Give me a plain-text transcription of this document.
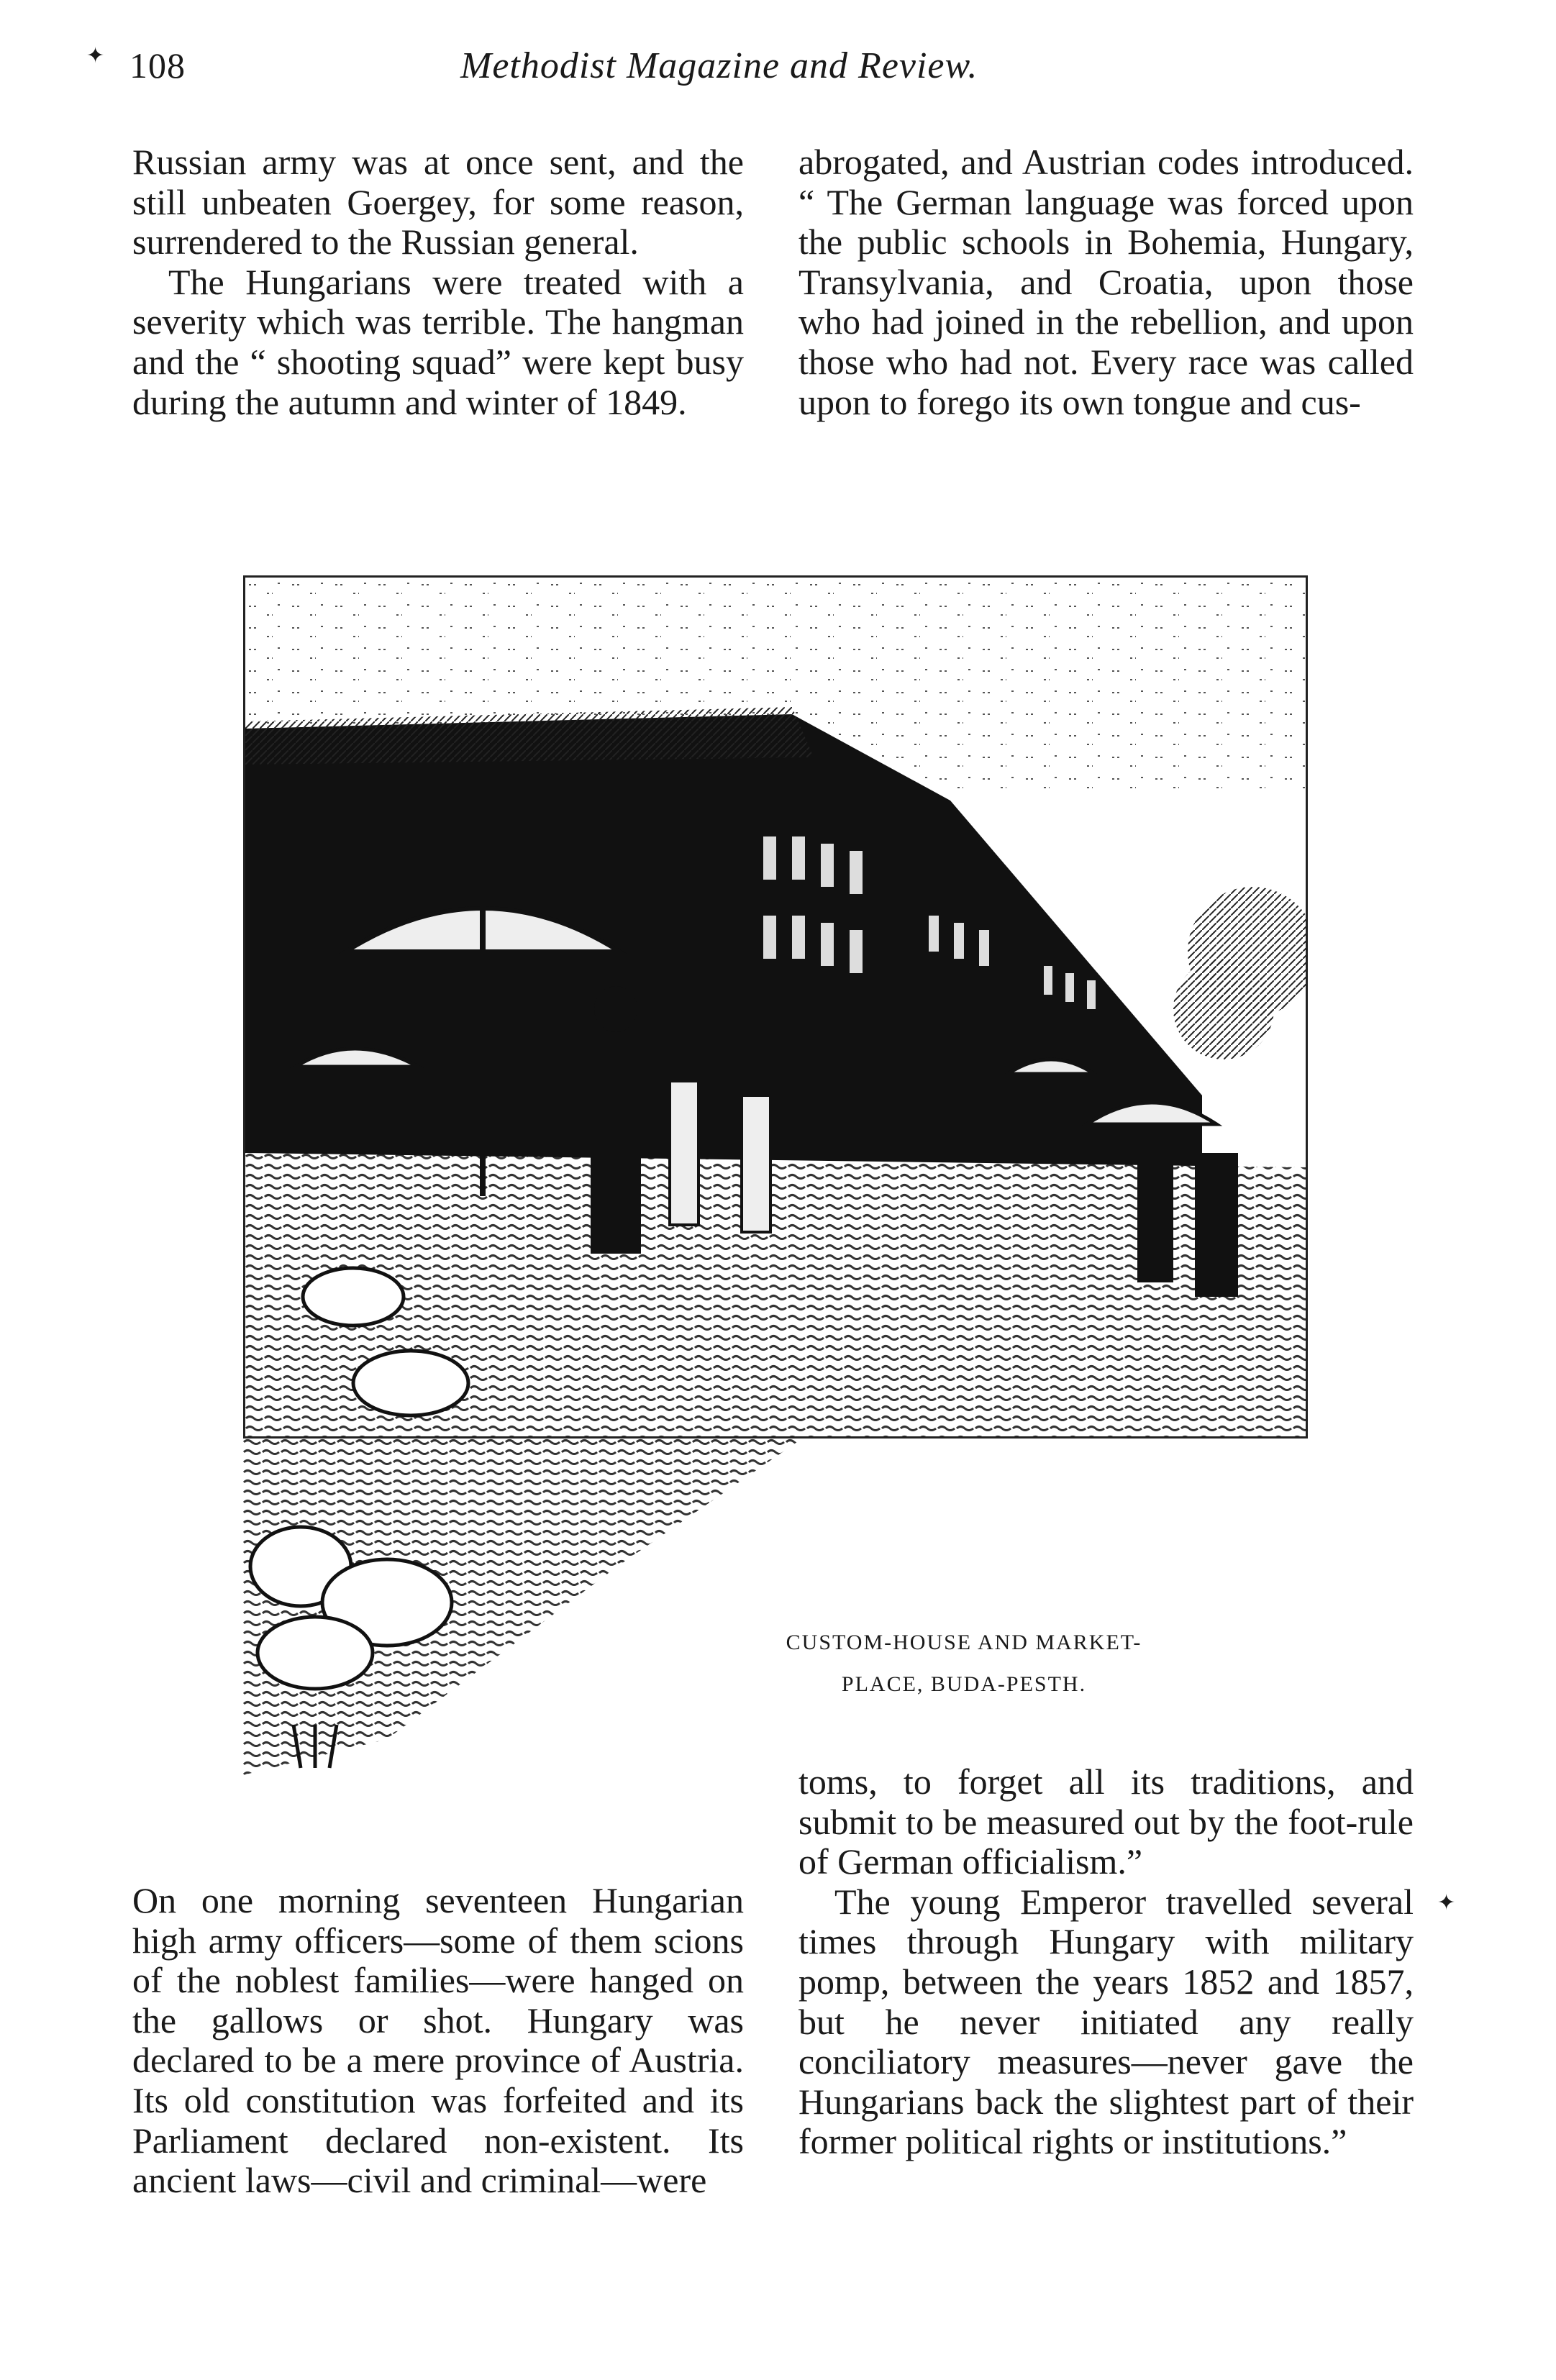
✦ 108	Methodist Magazine and Review.

Russian army was at once sent, and the still unbeaten Goergey, for some reason, surrendered to the Russian general.

The Hungarians were treated with a severity which was terrible. The hangman and the “ shooting squad” were kept busy during the autumn and winter of 1849.

abrogated, and Austrian codes introduced. “ The German language was forced upon the public schools in Bohemia, Hungary, Transylvania, and Croatia, upon those who had joined in the rebellion, and upon those who had not. Every race was called upon to forego its own tongue and cus-

CUSTOM-HOUSE AND MARKET-
PLACE, BUDA-PESTH.

toms, to forget all its traditions, and submit to be measured out by the foot-rule of German officialism.”

The young Emperor travelled several times through Hungary with military pomp, between the years 1852 and 1857, but he never initiated any really conciliatory measures—never gave the Hungarians back the slightest part of their former political rights or institutions.”

On one morning seventeen Hungarian high army officers—some of them scions of the noblest families—were hanged on the gallows or shot. Hungary was declared to be a mere province of Austria. Its old constitution was forfeited and its Parliament declared non-existent. Its ancient laws—civil and criminal—were

✦
